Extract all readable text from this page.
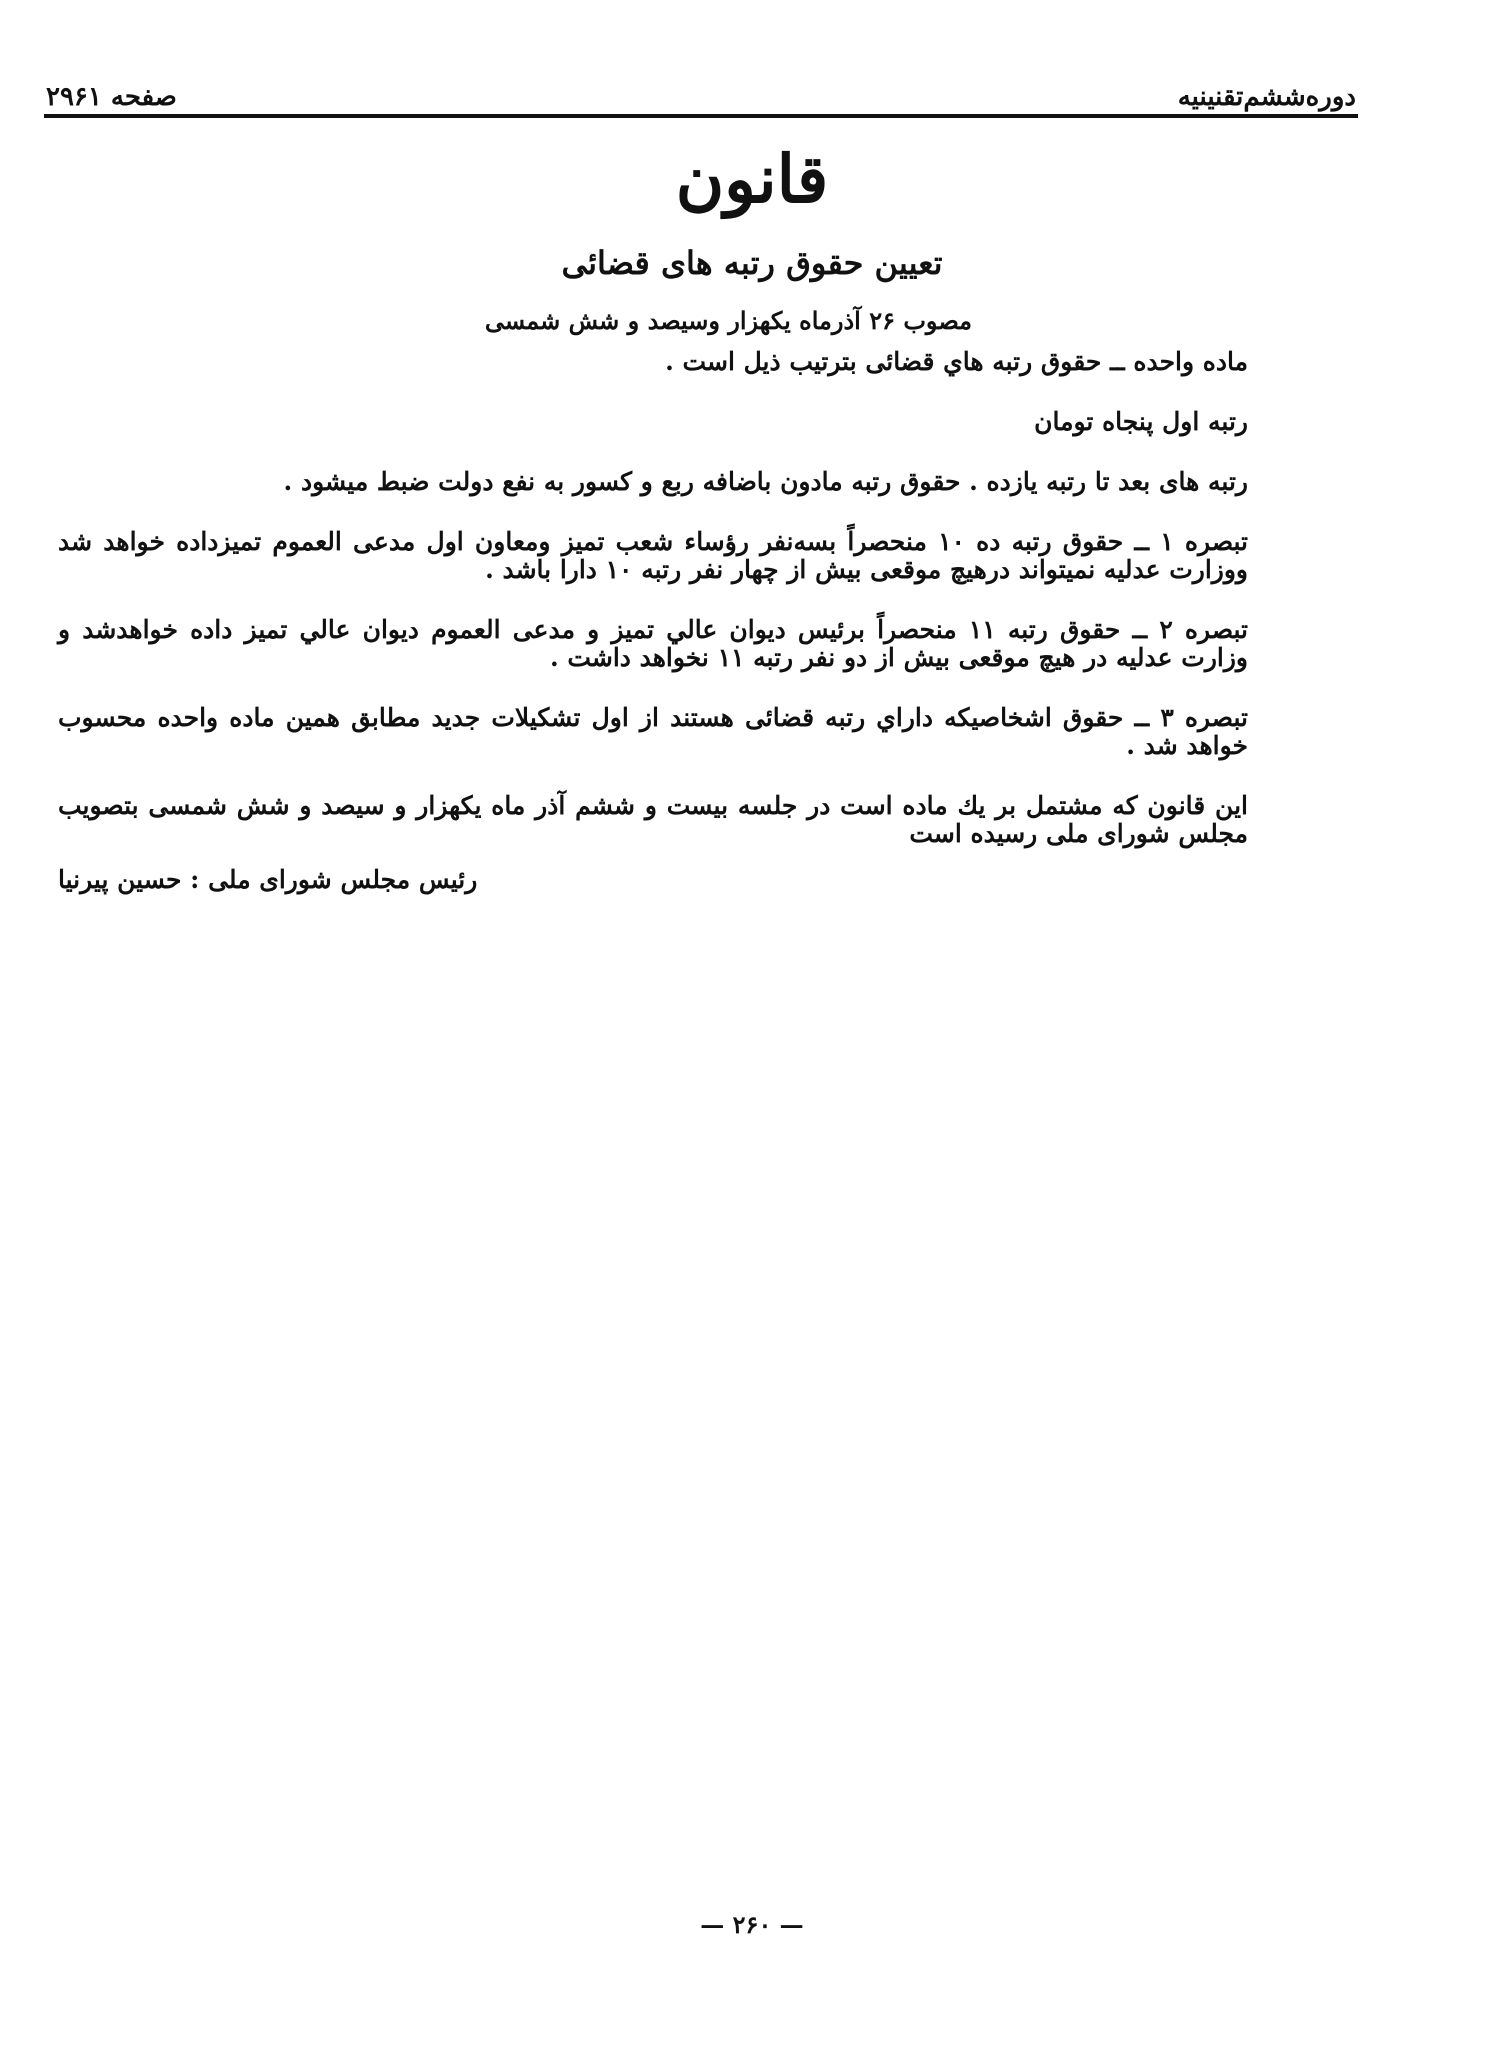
دوره‌ششم‌تقنینیه
صفحه ۲۹۶۱
قانون
تعیین حقوق رتبه های قضائی
مصوب ۲۶ آذرماه یکهزار وسیصد و شش شمسی

ماده واحده ــ حقوق رتبه هاي قضائی بترتیب ذیل است .

رتبه اول پنجاه تومان

رتبه های بعد تا رتبه یازده . حقوق رتبه مادون باضافه ربع و کسور به نفع دولت ضبط میشود .

تبصره ۱ ــ حقوق رتبه ده ۱۰ منحصراً بسه‌نفر رؤساء شعب تمیز ومعاون اول مدعی العموم تمیزداده خواهد شد ووزارت عدلیه نمیتواند درهیچ موقعی بیش از چهار نفر رتبه ۱۰ دارا باشد .

تبصره ۲ ــ حقوق رتبه ۱۱ منحصراً برئیس دیوان عالي تمیز و مدعی العموم دیوان عالي تمیز داده خواهدشد و وزارت عدلیه در هیچ موقعی بیش از دو نفر رتبه ۱۱ نخواهد داشت .

تبصره ۳ ــ حقوق اشخاصیکه داراي رتبه قضائی هستند از اول تشکیلات جدید مطابق همین ماده واحده محسوب خواهد شد .

این قانون که مشتمل بر یك ماده است در جلسه بیست و ششم آذر ماه یکهزار و سیصد و شش شمسی بتصویب مجلس شورای ملی رسیده است

رئیس مجلس شورای ملی : حسین پیرنیا
— ۲۶۰ —
